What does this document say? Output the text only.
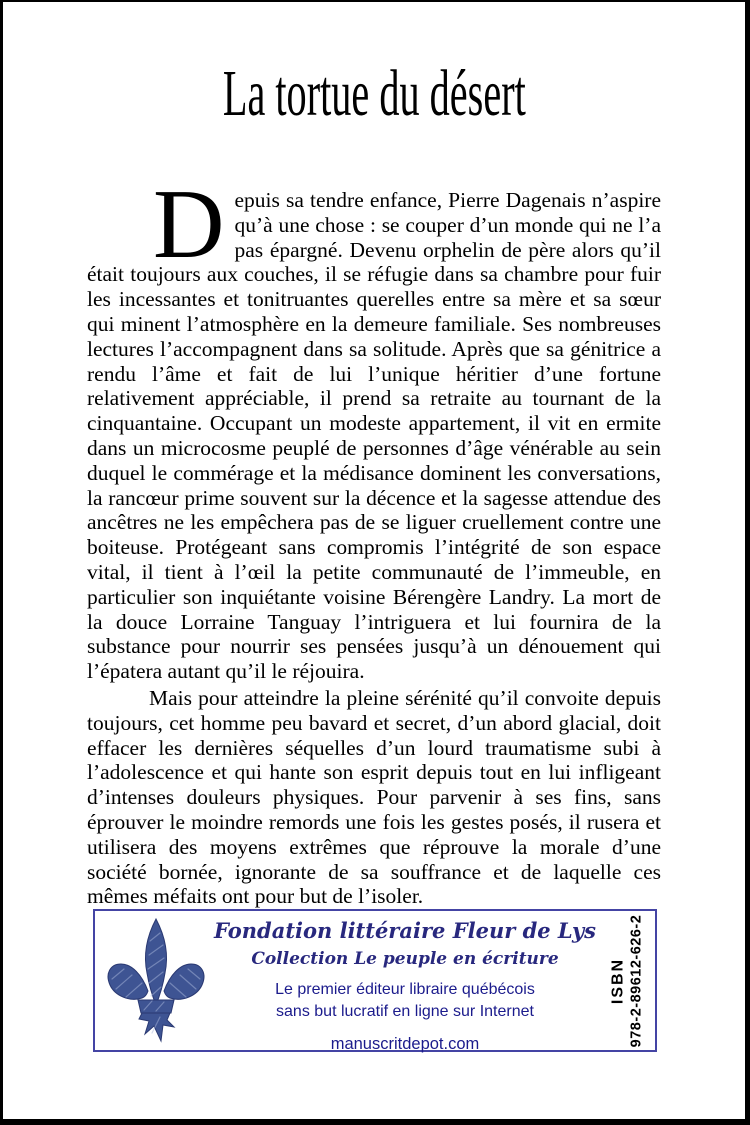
La tortue du désert

Depuis sa tendre enfance, Pierre Dagenais n’aspire qu’à une chose : se couper d’un monde qui ne l’a pas épargné. Devenu orphelin de père alors qu’il était toujours aux couches, il se réfugie dans sa chambre pour fuir les incessantes et tonitruantes querelles entre sa mère et sa sœur qui minent l’atmosphère en la demeure familiale. Ses nombreuses lectures l’accompagnent dans sa solitude. Après que sa génitrice a rendu l’âme et fait de lui l’unique héritier d’une fortune relativement appréciable, il prend sa retraite au tournant de la cinquantaine. Occupant un modeste appartement, il vit en ermite dans un microcosme peuplé de personnes d’âge vénérable au sein duquel le commérage et la médisance dominent les conversations, la rancœur prime souvent sur la décence et la sagesse attendue des ancêtres ne les empêchera pas de se liguer cruellement contre une boiteuse. Protégeant sans compromis l’intégrité de son espace vital, il tient à l’œil la petite communauté de l’immeuble, en particulier son inquiétante voisine Bérengère Landry. La mort de la douce Lorraine Tanguay l’intriguera et lui fournira de la substance pour nourrir ses pensées jusqu’à un dénouement qui l’épatera autant qu’il le réjouira.

Mais pour atteindre la pleine sérénité qu’il convoite depuis toujours, cet homme peu bavard et secret, d’un abord glacial, doit effacer les dernières séquelles d’un lourd traumatisme subi à l’adolescence et qui hante son esprit depuis tout en lui infligeant d’intenses douleurs physiques. Pour parvenir à ses fins, sans éprouver le moindre remords une fois les gestes posés, il rusera et utilisera des moyens extrêmes que réprouve la morale d’une société bornée, ignorante de sa souffrance et de laquelle ces mêmes méfaits ont pour but de l’isoler.

Fondation littéraire Fleur de Lys
Collection Le peuple en écriture
Le premier éditeur libraire québécois
sans but lucratif en ligne sur Internet
manuscritdepot.com
ISBN 978-2-89612-626-2
